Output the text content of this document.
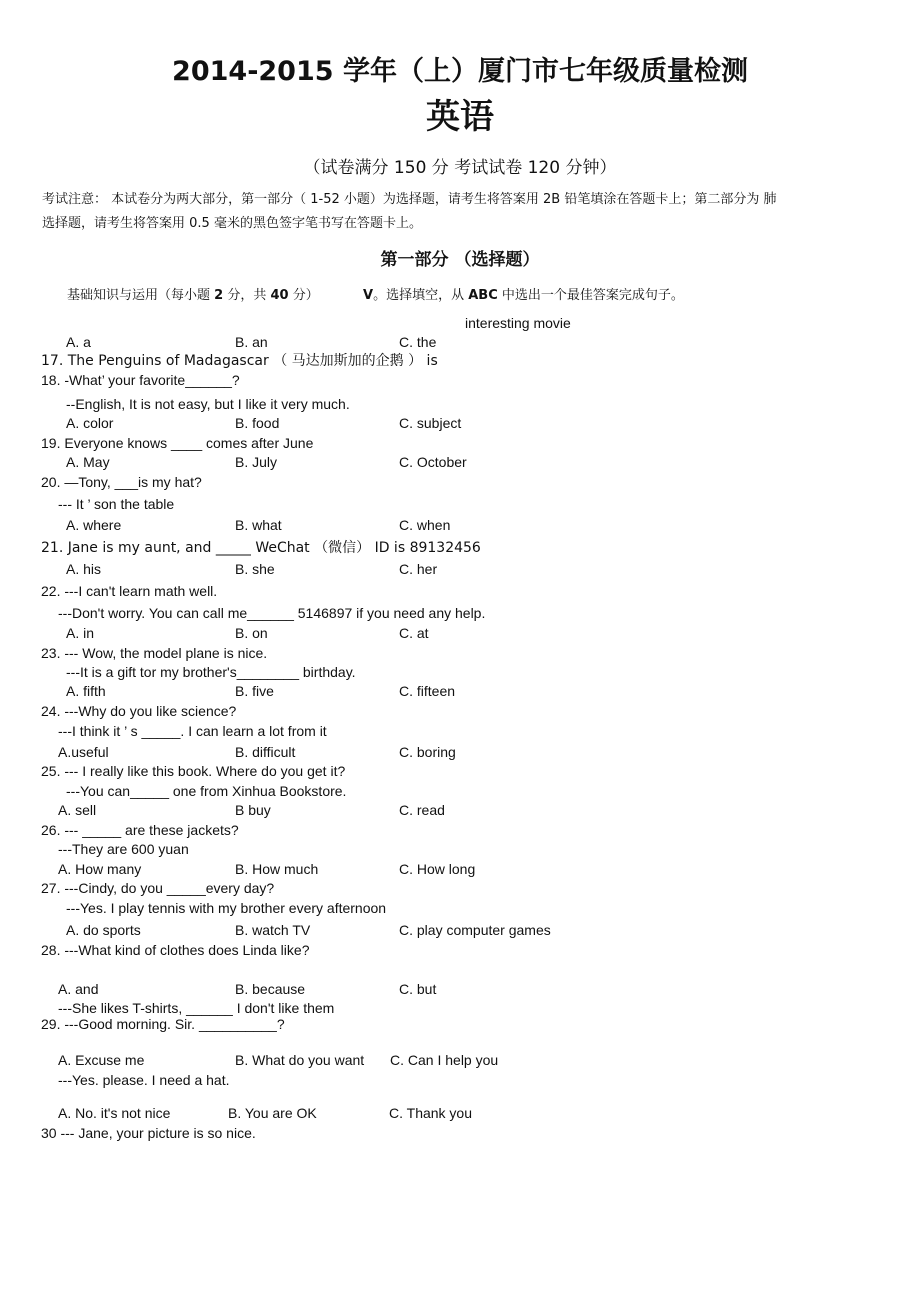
2014-2015 学年（上）厦门市七年级质量检测
英语
（试卷满分 150 分 考试试卷 120 分钟）
考试注意： 本试卷分为两大部分，第一部分（ 1-52 小题）为选择题，请考生将答案用 2B 铅笔填涂在答题卡上；第二部分为 肺
选择题，请考生将答案用 0.5 毫米的黑色签字笔书写在答题卡上。
第一部分 （选择题）
基础知识与运用（每小题 2 分，共 40 分）	V。选择填空，从 ABC 中选出一个最佳答案完成句子。
interesting movie
A. a	B. an	C. the
17. The Penguins of Madagascar （ 马达加斯加的企鹅 ） is
18. -What’ your favorite______?
--English, It is not easy, but I like it very much.
A. color	B. food	C. subject
19. Everyone knows ____ comes after June
A. May	B. July	C. October
20. —Tony, ___is my hat?
--- It ’ son the table
A. where	B. what	C. when
21. Jane is my aunt, and _____ WeChat （微信） ID is 89132456
A. his	B. she	C. her
22. ---I can't learn math well.
---Don't worry. You can call me______ 5146897 if you need any help.
A. in	B. on	C. at
23. --- Wow, the model plane is nice.
---It is a gift tor my brother's________ birthday.
A. fifth	B. five	C. fifteen
24. ---Why do you like science?
---I think it ’ s _____. I can learn a lot from it
A.useful	B. difficult	C. boring
25. --- I really like this book. Where do you get it?
---You can_____ one from Xinhua Bookstore.
A. sell	B buy	C. read
26. --- _____ are these jackets?
---They are 600 yuan
A. How many	B. How much	C. How long
27. ---Cindy, do you _____every day?
---Yes. I play tennis with my brother every afternoon
A. do sports	B. watch TV	C. play computer games
28. ---What kind of clothes does Linda like?
A. and	B. because	C. but
---She likes T-shirts, ______ I don't like them
29. ---Good morning. Sir. __________?
A. Excuse me	B. What do you want C. Can I help you
---Yes. please. I need a hat.
A. No. it's not nice	B. You are OK	C. Thank you
30 --- Jane, your picture is so nice.
